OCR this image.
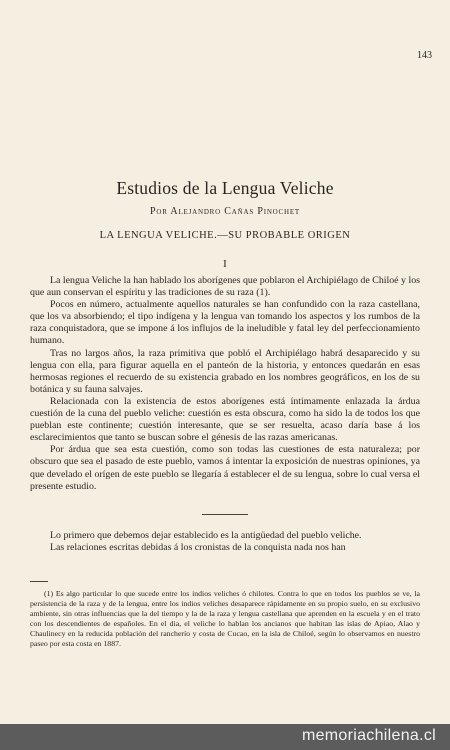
143
Estudios de la Lengua Veliche
Por Alejandro Cañas Pinochet
LA LENGUA VELICHE.—SU PROBABLE ORIGEN
I

La lengua Veliche la han hablado los aborígenes que poblaron el Archipiélago de Chiloé y los que aun conservan el espíritu y las tradiciones de su raza (1).

Pocos en número, actualmente aquellos naturales se han confundido con la raza castellana, que los va absorbiendo; el tipo indígena y la lengua van tomando los aspectos y los rumbos de la raza conquistadora, que se impone á los influjos de la ineludible y fatal ley del perfeccionamiento humano.

Tras no largos años, la raza primitiva que pobló el Archipiélago habrá desaparecido y su lengua con ella, para figurar aquella en el panteón de la historia, y entonces quedarán en esas hermosas regiones el recuerdo de su existencia grabado en los nombres geográficos, en los de su botánica y su fauna salvajes.

Relacionada con la existencia de estos aborígenes está íntimamente enlazada la árdua cuestión de la cuna del pueblo veliche: cuestión es esta obscura, como ha sido la de todos los que pueblan este continente; cuestión interesante, que se ser resuelta, acaso daría base á los esclarecimientos que tanto se buscan sobre el génesis de las razas americanas.

Por árdua que sea esta cuestión, como son todas las cuestiones de esta naturaleza; por obscuro que sea el pasado de este pueblo, vamos á intentar la exposición de nuestras opiniones, ya que develado el orígen de este pueblo se llegaría á establecer el de su lengua, sobre lo cual versa el presente estudio.

Lo primero que debemos dejar establecido es la antigüedad del pueblo veliche.

Las relaciones escritas debidas á los cronistas de la conquista nada nos han

(1) Es algo particular lo que sucede entre los indios veliches ó chilotes. Contra lo que en todos los pueblos se ve, la persistencia de la raza y de la lengua, entre los indios veliches desaparece rápidamente en su propio suelo, en su exclusivo ambiente, sin otras influencias que la del tiempo y la de la raza y lengua castellana que aprenden en la escuela y en el trato con los descendientes de españoles. En el dia, el veliche lo hablan los ancianos que habitan las islas de Apiao, Alao y Chaulinecy en la reducida población del rancherío y costa de Cucao, en la isla de Chiloé, según lo observamos en nuestro paseo por esta costa en 1887.

memoriachilena.cl
